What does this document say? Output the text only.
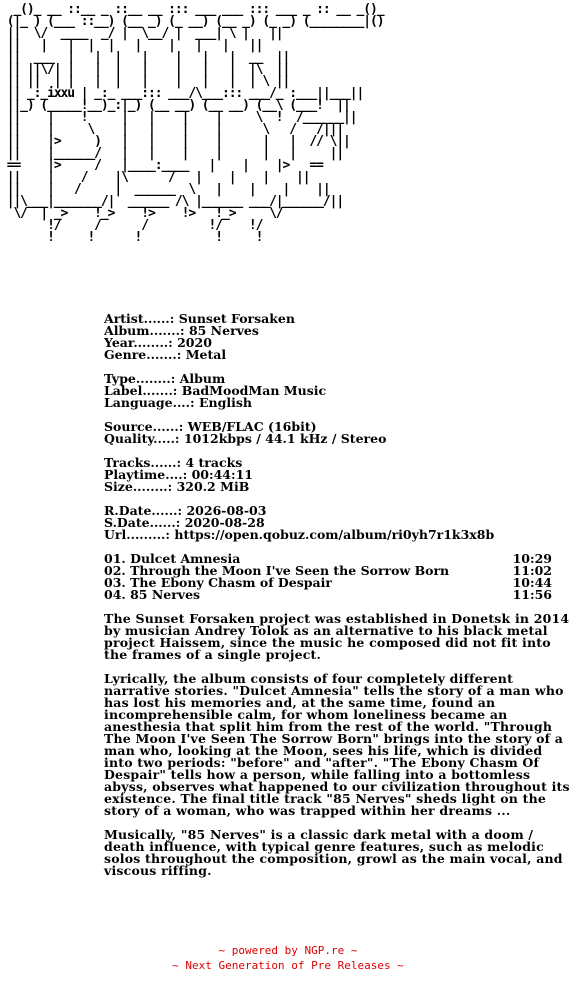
_()_ __ ::__ _ ::__ __ ::: ___ ___ ::: ___ _ :: __ _()_
(|_ ) (___ ::__) (__ _) (_ __) (__ _) (_ _) (________|()
||  \/  ____  _/ |  \__/ |  ___| \ |   ||
||   |   |  |  |   |    |   |   |   ||
||  ___  |   |  |   |    |   |   |  __  ||
|| ||\/| |   |  |   |    |   |   |  |\  ||
|| ||  | |   |  |   |    |   |   |  | \ ||
|| _:_ixxu | _:_ ___::: ___/\___::: ___/_ :___||___||
||_) (_____!__)_:|_) (__ __) (__ __) (__\ (___!  ||
||    |    !     |   |    |    |     \  !  /______||
||    |     \    |   |    |    |      \   /   /|||
||    |>     )   |   |    |    |      |   |  // \||
||    |______/   |   |    |    |      |   |     ||
==    |>     /   |____:____   |    |    |>   ==
||    |    /    |\      /   |    |    |    ||
||    |   /     |  ______  \   |    |    |    ||
||\___|_______/|  ______ /\ |______ ___/|______/||
\/  | _>    !_>    !>    !>   !_>     \/
!/     /      /         !/    !/
!     !      !           !     !
Artist......: Sunset Forsaken
Album.......: 85 Nerves
Year........: 2020
Genre.......: Metal
Type........: Album
Label.......: BadMoodMan Music
Language....: English
Source......: WEB/FLAC (16bit)
Quality.....: 1012kbps / 44.1 kHz / Stereo
Tracks......: 4 tracks
Playtime....: 00:44:11
Size........: 320.2 MiB
R.Date......: 2026-08-03
S.Date......: 2020-08-28
Url.........: https://open.qobuz.com/album/ri0yh7r1k3x8b
01. Dulcet Amnesia	10:29
02. Through the Moon I've Seen the Sorrow Born	11:02
03. The Ebony Chasm of Despair	10:44
04. 85 Nerves	11:56

The Sunset Forsaken project was established in Donetsk in 2014 by musician Andrey Tolok as an alternative to his black metal project Haissem, since the music he composed did not fit into the frames of a single project.

Lyrically, the album consists of four completely different narrative stories. "Dulcet Amnesia" tells the story of a man who has lost his memories and, at the same time, found an incomprehensible calm, for whom loneliness became an anesthesia that split him from the rest of the world. "Through The Moon I've Seen The Sorrow Born" brings into the story of a man who, looking at the Moon, sees his life, which is divided into two periods: "before" and "after". "The Ebony Chasm Of Despair" tells how a person, while falling into a bottomless abyss, observes what happened to our civilization throughout its existence. The final title track "85 Nerves" sheds light on the story of a woman, who was trapped within her dreams ...

Musically, "85 Nerves" is a classic dark metal with a doom / death influence, with typical genre features, such as melodic solos throughout the composition, growl as the main vocal, and viscous riffing.

~ powered by NGP.re ~
~ Next Generation of Pre Releases ~
